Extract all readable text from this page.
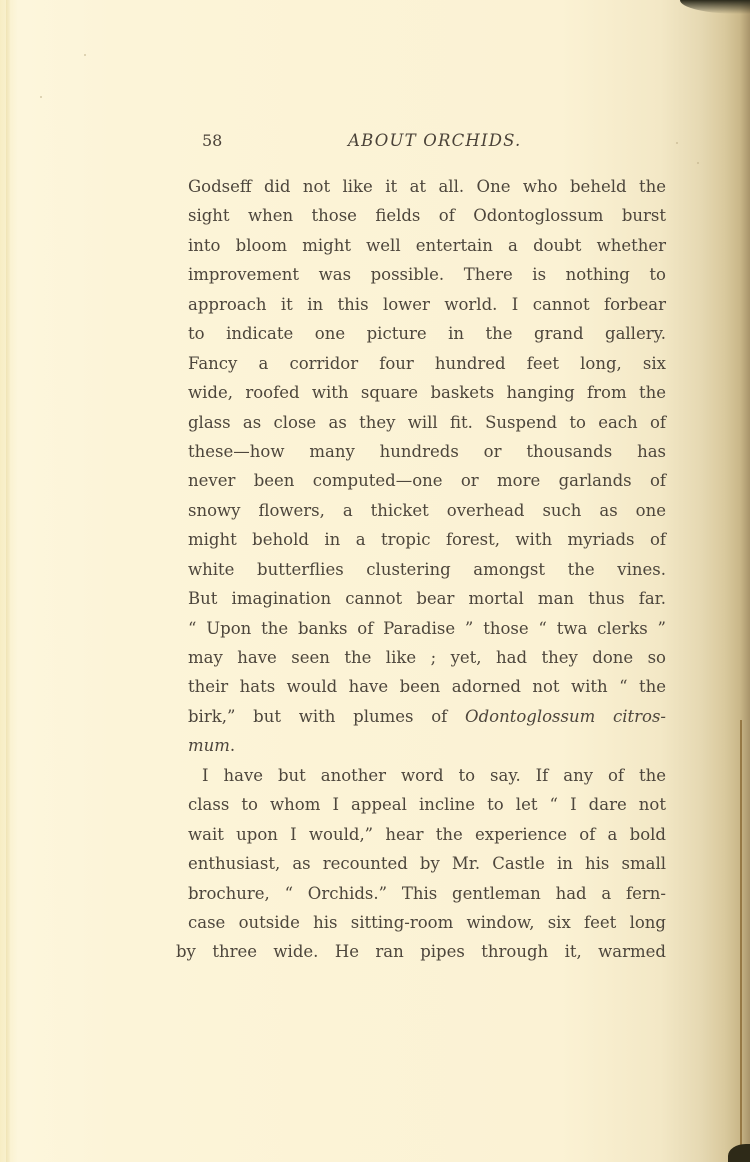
58	ABOUT ORCHIDS.
Godseff did not like it at all. One who beheld the
sight when those fields of Odontoglossum burst
into bloom might well entertain a doubt whether
improvement was possible. There is nothing to
approach it in this lower world. I cannot forbear
to indicate one picture in the grand gallery.
Fancy a corridor four hundred feet long, six
wide, roofed with square baskets hanging from the
glass as close as they will fit. Suspend to each of
these—how many hundreds or thousands has
never been computed—one or more garlands of
snowy flowers, a thicket overhead such as one
might behold in a tropic forest, with myriads of
white butterflies clustering amongst the vines.
But imagination cannot bear mortal man thus far.
“ Upon the banks of Paradise ” those “ twa clerks ”
may have seen the like ; yet, had they done so
their hats would have been adorned not with “ the
birk,” but with plumes of Odontoglossum citros-
mum.
I have but another word to say. If any of the
class to whom I appeal incline to let “ I dare not
wait upon I would,” hear the experience of a bold
enthusiast, as recounted by Mr. Castle in his small
brochure, “ Orchids.” This gentleman had a fern-
case outside his sitting-room window, six feet long
by three wide. He ran pipes through it, warmed
